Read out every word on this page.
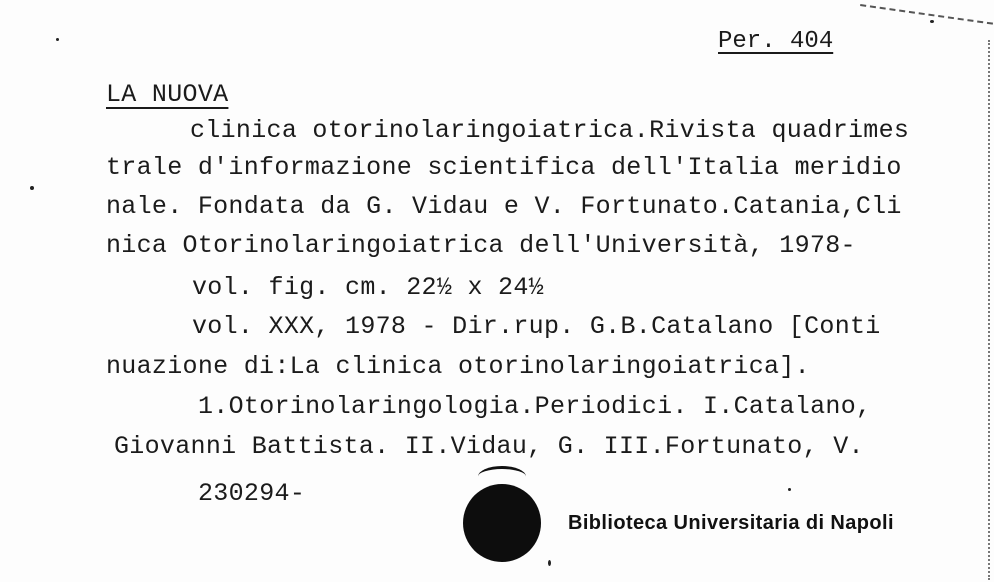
Per. 404
LA NUOVA
clinica otorinolaringoiatrica.Rivista quadrimes
trale d'informazione scientifica dell'Italia meridio
nale. Fondata da G. Vidau e V. Fortunato.Catania,Cli
nica Otorinolaringoiatrica dell'Università, 1978-
vol. fig. cm. 22½ x 24½
vol. XXX, 1978 - Dir.rup. G.B.Catalano [Conti
nuazione di:La clinica otorinolaringoiatrica].
1.Otorinolaringologia.Periodici. I.Catalano,
Giovanni Battista. II.Vidau, G. III.Fortunato, V.
230294-
Biblioteca Universitaria di Napoli
